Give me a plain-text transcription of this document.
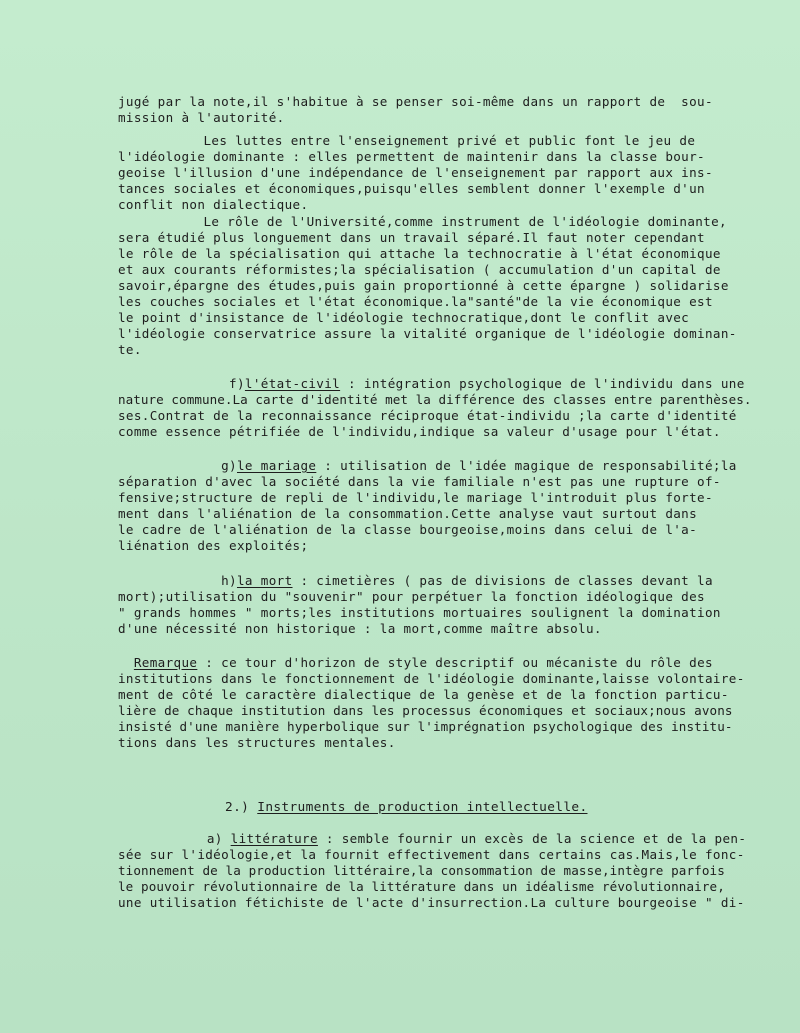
jugé par la note,il s'habitue à se penser soi-même dans un rapport de  sou-
mission à l'autorité.
Les luttes entre l'enseignement privé et public font le jeu de
l'idéologie dominante : elles permettent de maintenir dans la classe bour-
geoise l'illusion d'une indépendance de l'enseignement par rapport aux ins-
tances sociales et économiques,puisqu'elles semblent donner l'exemple d'un
conflit non dialectique.
Le rôle de l'Université,comme instrument de l'idéologie dominante,
sera étudié plus longuement dans un travail séparé.Il faut noter cependant
le rôle de la spécialisation qui attache la technocratie à l'état économique
et aux courants réformistes;la spécialisation ( accumulation d'un capital de
savoir,épargne des études,puis gain proportionné à cette épargne ) solidarise
les couches sociales et l'état économique.la"santé"de la vie économique est
le point d'insistance de l'idéologie technocratique,dont le conflit avec
l'idéologie conservatrice assure la vitalité organique de l'idéologie dominan-
te.
f)l'état-civil : intégration psychologique de l'individu dans une
nature commune.La carte d'identité met la différence des classes entre parenthèses.
ses.Contrat de la reconnaissance réciproque état-individu ;la carte d'identité
comme essence pétrifiée de l'individu,indique sa valeur d'usage pour l'état.
g)le mariage : utilisation de l'idée magique de responsabilité;la
séparation d'avec la société dans la vie familiale n'est pas une rupture of-
fensive;structure de repli de l'individu,le mariage l'introduit plus forte-
ment dans l'aliénation de la consommation.Cette analyse vaut surtout dans
le cadre de l'aliénation de la classe bourgeoise,moins dans celui de l'a-
liénation des exploités;
h)la mort : cimetières ( pas de divisions de classes devant la
mort);utilisation du "souvenir" pour perpétuer la fonction idéologique des
" grands hommes " morts;les institutions mortuaires soulignent la domination
d'une nécessité non historique : la mort,comme maître absolu.
Remarque : ce tour d'horizon de style descriptif ou mécaniste du rôle des
institutions dans le fonctionnement de l'idéologie dominante,laisse volontaire-
ment de côté le caractère dialectique de la genèse et de la fonction particu-
lière de chaque institution dans les processus économiques et sociaux;nous avons
insisté d'une manière hyperbolique sur l'imprégnation psychologique des institu-
tions dans les structures mentales.
2.) Instruments de production intellectuelle.
a) littérature : semble fournir un excès de la science et de la pen-
sée sur l'idéologie,et la fournit effectivement dans certains cas.Mais,le fonc-
tionnement de la production littéraire,la consommation de masse,intègre parfois
le pouvoir révolutionnaire de la littérature dans un idéalisme révolutionnaire,
une utilisation fétichiste de l'acte d'insurrection.La culture bourgeoise " di-
